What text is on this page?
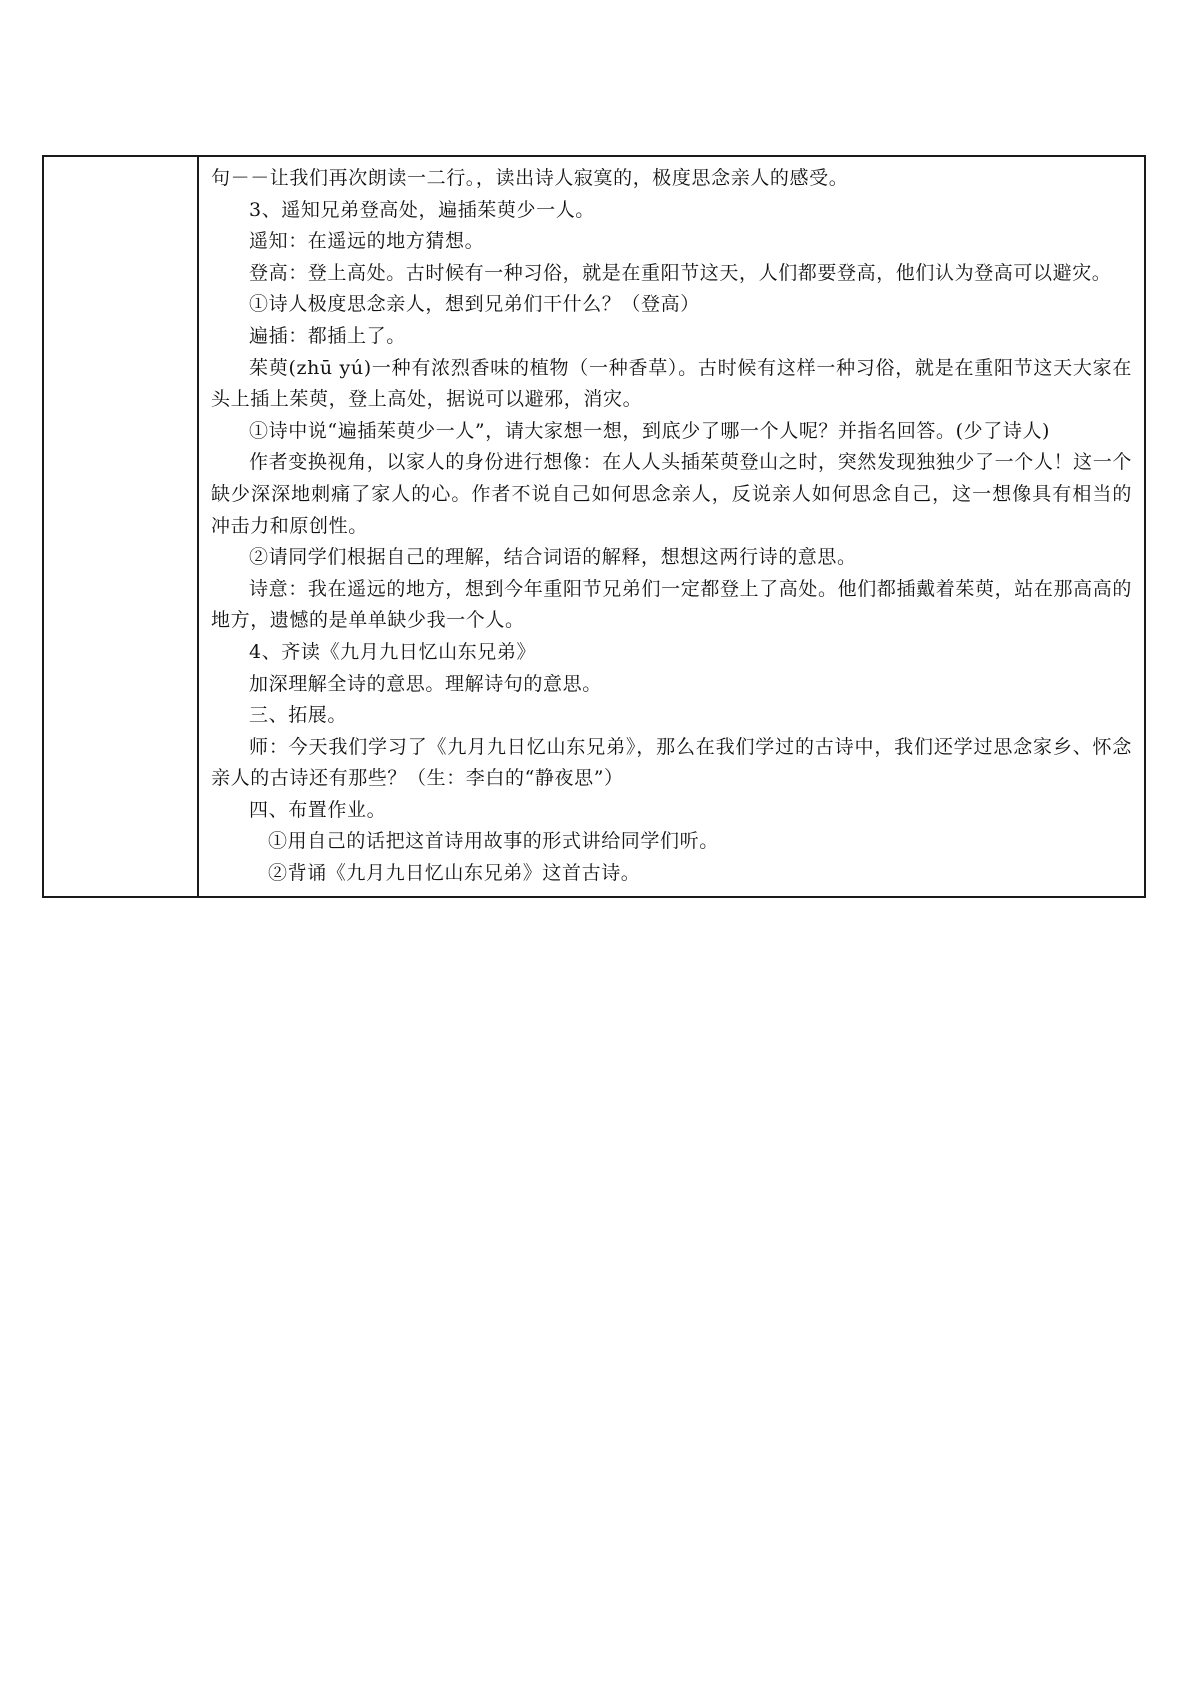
句－－让我们再次朗读一二行。，读出诗人寂寞的，极度思念亲人的感受。
3、遥知兄弟登高处，遍插茱萸少一人。
遥知：在遥远的地方猜想。
登高：登上高处。古时候有一种习俗，就是在重阳节这天，人们都要登高，他们认为登高可以避灾。
①诗人极度思念亲人，想到兄弟们干什么？（登高）
遍插：都插上了。
茱萸(zhū yú)一种有浓烈香味的植物（一种香草）。古时候有这样一种习俗，就是在重阳节这天大家在头上插上茱萸，登上高处，据说可以避邪，消灾。
①诗中说“遍插茱萸少一人”，请大家想一想，到底少了哪一个人呢？并指名回答。(少了诗人)
作者变换视角，以家人的身份进行想像：在人人头插茱萸登山之时，突然发现独独少了一个人！这一个缺少深深地刺痛了家人的心。作者不说自己如何思念亲人，反说亲人如何思念自己，这一想像具有相当的冲击力和原创性。
②请同学们根据自己的理解，结合词语的解释，想想这两行诗的意思。
诗意：我在遥远的地方，想到今年重阳节兄弟们一定都登上了高处。他们都插戴着茱萸，站在那高高的地方，遗憾的是单单缺少我一个人。
4、齐读《九月九日忆山东兄弟》
加深理解全诗的意思。理解诗句的意思。
三、拓展。
师：今天我们学习了《九月九日忆山东兄弟》，那么在我们学过的古诗中，我们还学过思念家乡、怀念亲人的古诗还有那些？（生：李白的“静夜思”）
四、布置作业。
①用自己的话把这首诗用故事的形式讲给同学们听。
②背诵《九月九日忆山东兄弟》这首古诗。
